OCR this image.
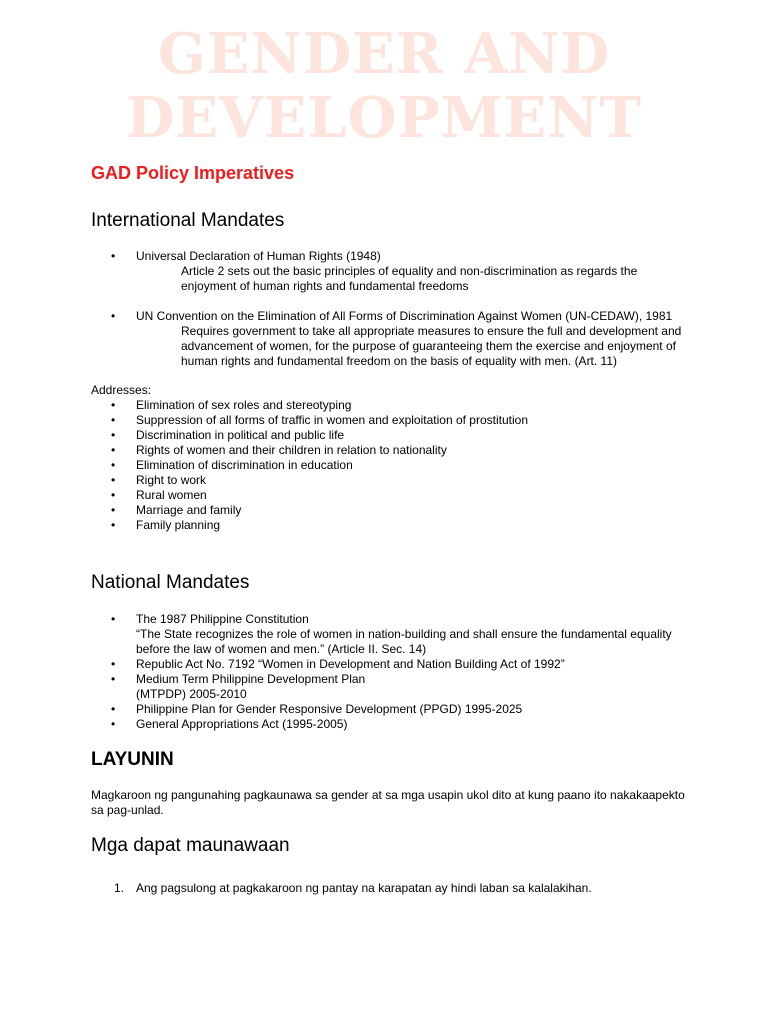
GENDER AND
DEVELOPMENT
GAD Policy Imperatives
International Mandates
• Universal Declaration of Human Rights (1948)
Article 2 sets out the basic principles of equality and non-discrimination as regards the enjoyment of human rights and fundamental freedoms
• UN Convention on the Elimination of All Forms of Discrimination Against Women (UN-CEDAW), 1981
Requires government to take all appropriate measures to ensure the full and development and advancement of women, for the purpose of guaranteeing them the exercise and enjoyment of human rights and fundamental freedom on the basis of equality with men. (Art. 11)
Addresses:
• Elimination of sex roles and stereotyping
• Suppression of all forms of traffic in women and exploitation of prostitution
• Discrimination in political and public life
• Rights of women and their children in relation to nationality
• Elimination of discrimination in education
• Right to work
• Rural women
• Marriage and family
• Family planning
National Mandates
• The 1987 Philippine Constitution
“The State recognizes the role of women in nation-building and shall ensure the fundamental equality before the law of women and men.” (Article II. Sec. 14)
• Republic Act No. 7192 “Women in Development and Nation Building Act of 1992”
• Medium Term Philippine Development Plan
(MTPDP) 2005-2010
• Philippine Plan for Gender Responsive Development (PPGD) 1995-2025
• General Appropriations Act (1995-2005)
LAYUNIN
Magkaroon ng pangunahing pagkaunawa sa gender at sa mga usapin ukol dito at kung paano ito nakakaapekto sa pag-unlad.
Mga dapat maunawaan
1. Ang pagsulong at pagkakaroon ng pantay na karapatan ay hindi laban sa kalalakihan.
